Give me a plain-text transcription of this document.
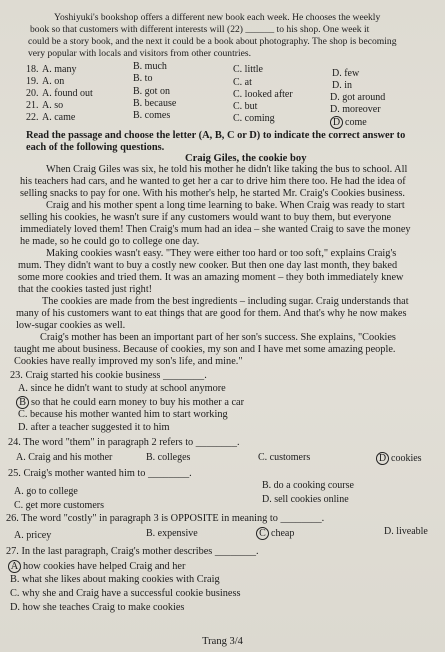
Yoshiyuki's bookshop offers a different new book each week. He chooses the weekly
book so that customers with different interests will (22) ______ to his shop. One week it
could be a story book, and the next it could be a book about photography. The shop is becoming
very popular with locals and visitors from other countries.
18. A. many	B. much	C. little	D. few
19. A. on	B. to	C. at	D. in
20. A. found out	B. got on	C. looked after	D. got around
21. A. so	B. because	C. but	D. moreover
22. A. came	B. comes	C. coming	D come
Read the passage and choose the letter (A, B, C or D) to indicate the correct answer to
each of the following questions.
Craig Giles, the cookie boy
When Craig Giles was six, he told his mother he didn't like taking the bus to school. All
his teachers had cars, and he wanted to get her a car to drive him there too. He had the idea of
selling snacks to pay for one. With his mother's help, he started Mr. Craig's Cookies business.
Craig and his mother spent a long time learning to bake. When Craig was ready to start
selling his cookies, he wasn't sure if any customers would want to buy them, but everyone
immediately loved them! Then Craig's mum had an idea – she wanted Craig to save the money
he made, so he could go to college one day.
Making cookies wasn't easy. "They were either too hard or too soft," explains Craig's
mum. They didn't want to buy a costly new cooker. But then one day last month, they baked
some more cookies and tried them. It was an amazing moment – they both immediately knew
that the cookies tasted just right!
The cookies are made from the best ingredients – including sugar. Craig understands that
many of his customers want to eat things that are good for them. And that's why he now makes
low-sugar cookies as well.
Craig's mother has been an important part of her son's success. She explains, "Cookies
taught me about business. Because of cookies, my son and I have met some amazing people.
Cookies have really improved my son's life, and mine."
23. Craig started his cookie business ________.
A. since he didn't want to study at school anymore
B so that he could earn money to buy his mother a car
C. because his mother wanted him to start working
D. after a teacher suggested it to him
24. The word "them" in paragraph 2 refers to ________.
A. Craig and his mother	B. colleges	C. customers	D cookies
25. Craig's mother wanted him to ________.
A. go to college
B. do a cooking course
C. get more customers
D. sell cookies online
26. The word "costly" in paragraph 3 is OPPOSITE in meaning to ________.
A. pricey	B. expensive	C cheap	D. liveable
27. In the last paragraph, Craig's mother describes ________.
A how cookies have helped Craig and her
B. what she likes about making cookies with Craig
C. why she and Craig have a successful cookie business
D. how she teaches Craig to make cookies
Trang 3/4
